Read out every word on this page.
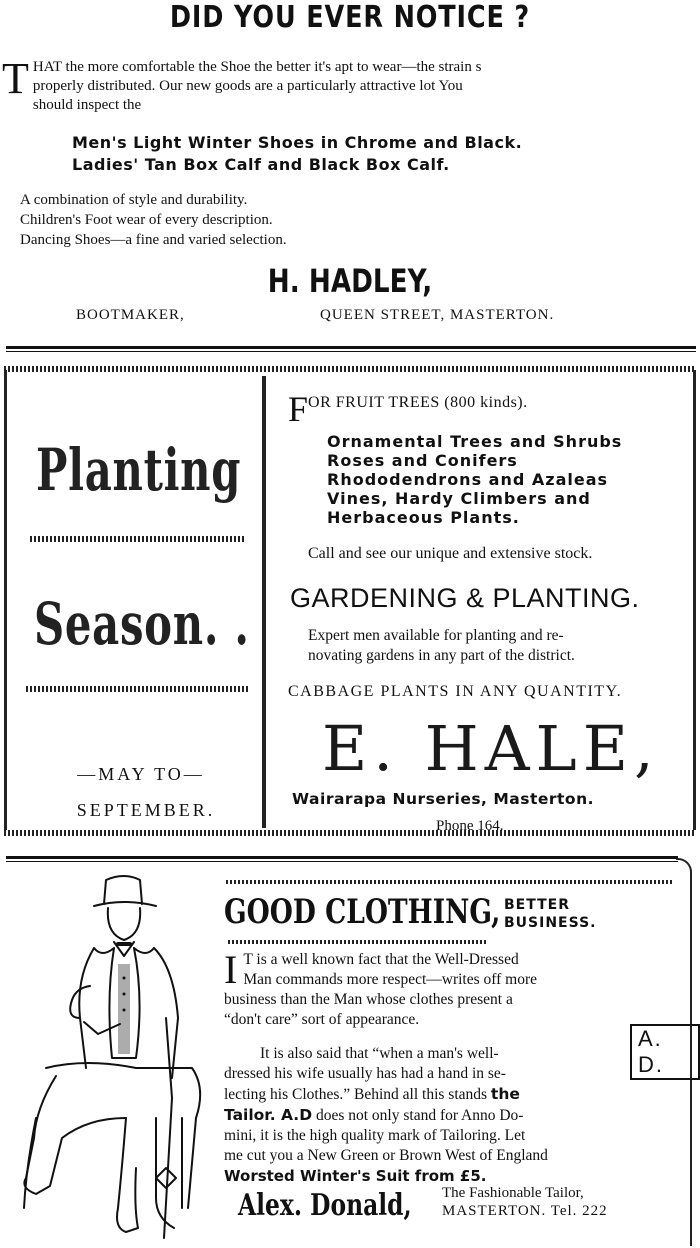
DID YOU EVER NOTICE ?
T HAT the more comfortable the Shoe the better it's apt to wear—the strain s
properly distributed. Our new goods are a particularly attractive lot You
should inspect the
Men's Light Winter Shoes in Chrome and Black.
Ladies' Tan Box Calf and Black Box Calf.
A combination of style and durability.
Children's Foot wear of every description.
Dancing Shoes—a fine and varied selection.
H. HADLEY,
BOOTMAKER,	QUEEN STREET, MASTERTON.
Planting
Season. .
—MAY TO—
SEPTEMBER.
FOR FRUIT TREES (800 kinds).
Ornamental Trees and Shrubs
Roses and Conifers
Rhododendrons and Azaleas
Vines, Hardy Climbers and
Herbaceous Plants.
Call and see our unique and extensive stock.
GARDENING & PLANTING.
Expert men available for planting and re-
novating gardens in any part of the district.
CABBAGE PLANTS IN ANY QUANTITY.
E. HALE,
Wairarapa Nurseries, Masterton.
Phone 164.
GOOD CLOTHING, BETTER
BUSINESS.
I T is a well known fact that the Well-Dressed
Man commands more respect—writes off more
business than the Man whose clothes present a
“don't care” sort of appearance.
It is also said that “when a man's well-
dressed his wife usually has had a hand in se-
lecting his Clothes.” Behind all this stands the
Tailor. A.D does not only stand for Anno Do-
mini, it is the high quality mark of Tailoring. Let
me cut you a New Green or Brown West of England
Worsted Winter's Suit from £5.
A. D.
Alex. Donald, The Fashionable Tailor,
MASTERTON. Tel. 222
